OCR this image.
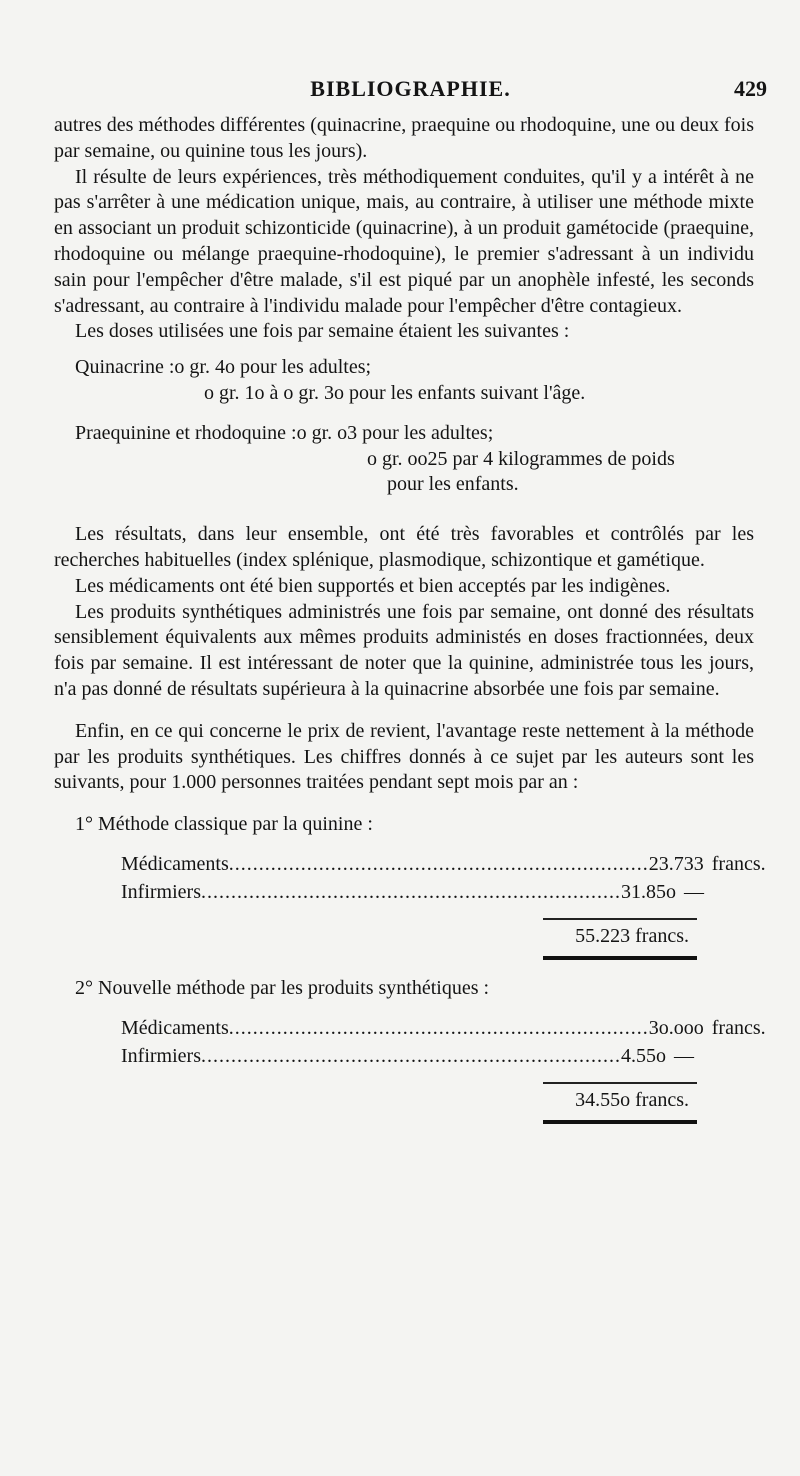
BIBLIOGRAPHIE.	429

autres des méthodes différentes (quinacrine, praequine ou rhodoquine, une ou deux fois par semaine, ou quinine tous les jours).

Il résulte de leurs expériences, très méthodiquement conduites, qu'il y a intérêt à ne pas s'arrêter à une médication unique, mais, au contraire, à utiliser une méthode mixte en associant un produit schizonticide (quinacrine), à un produit gamétocide (praequine, rhodoquine ou mélange praequine-rhodoquine), le premier s'adressant à un individu sain pour l'empêcher d'être malade, s'il est piqué par un anophèle infesté, les seconds s'adressant, au contraire à l'individu malade pour l'empêcher d'être contagieux.

Les doses utilisées une fois par semaine étaient les suivantes :

Quinacrine : o gr. 4o pour les adultes;
o gr. 1o à o gr. 3o pour les enfants suivant l'âge.
Praequinine et rhodoquine : o gr. o3 pour les adultes;
o gr. oo25 par 4 kilogrammes de poids
pour les enfants.

Les résultats, dans leur ensemble, ont été très favorables et contrôlés par les recherches habituelles (index splénique, plasmodique, schizontique et gamétique.

Les médicaments ont été bien supportés et bien acceptés par les indigènes.

Les produits synthétiques administrés une fois par semaine, ont donné des résultats sensiblement équivalents aux mêmes produits administés en doses fractionnées, deux fois par semaine. Il est intéressant de noter que la quinine, administrée tous les jours, n'a pas donné de résultats supérieura à la quinacrine absorbée une fois par semaine.

Enfin, en ce qui concerne le prix de revient, l'avantage reste nettement à la méthode par les produits synthétiques. Les chiffres donnés à ce sujet par les auteurs sont les suivants, pour 1.000 personnes traitées pendant sept mois par an :

1° Méthode classique par la quinine :
Médicaments ...................................................................... 23.733 francs.
Infirmiers ...................................................................... 31.85o —
55.223 francs.
2° Nouvelle méthode par les produits synthétiques :
Médicaments ...................................................................... 3o.ooo francs.
Infirmiers ...................................................................... 4.55o —
34.55o francs.
